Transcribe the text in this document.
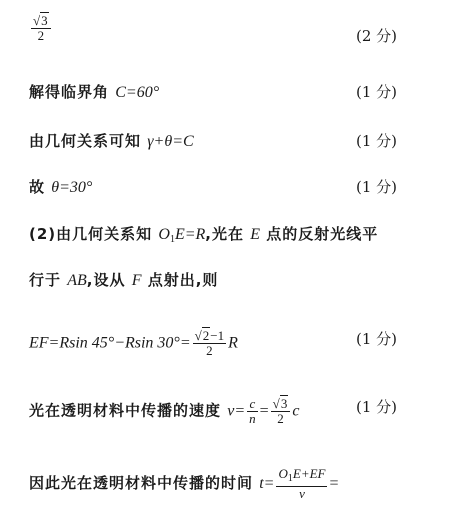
$\frac{√3}{2}$	(2 分)
解得临界角 C=60°	(1 分)
由几何关系可知 γ+θ=C	(1 分)
故 θ=30°	(1 分)
(2)由几何关系知 $O_1E=R$,光在 E 点的反射光线平
行于 AB,设从 F 点射出,则
EF=Rsin 45°−Rsin $30^\circ= \frac{√2-1}{2}$ R	(1 分)
光在透明材料中传播的速度 $v= \frac{c}{n} = \frac{√3}{2}$ c	(1 分)
因此光在透明材料中传播的时间 $t= \frac{O_1E+EF}{v}$ =
